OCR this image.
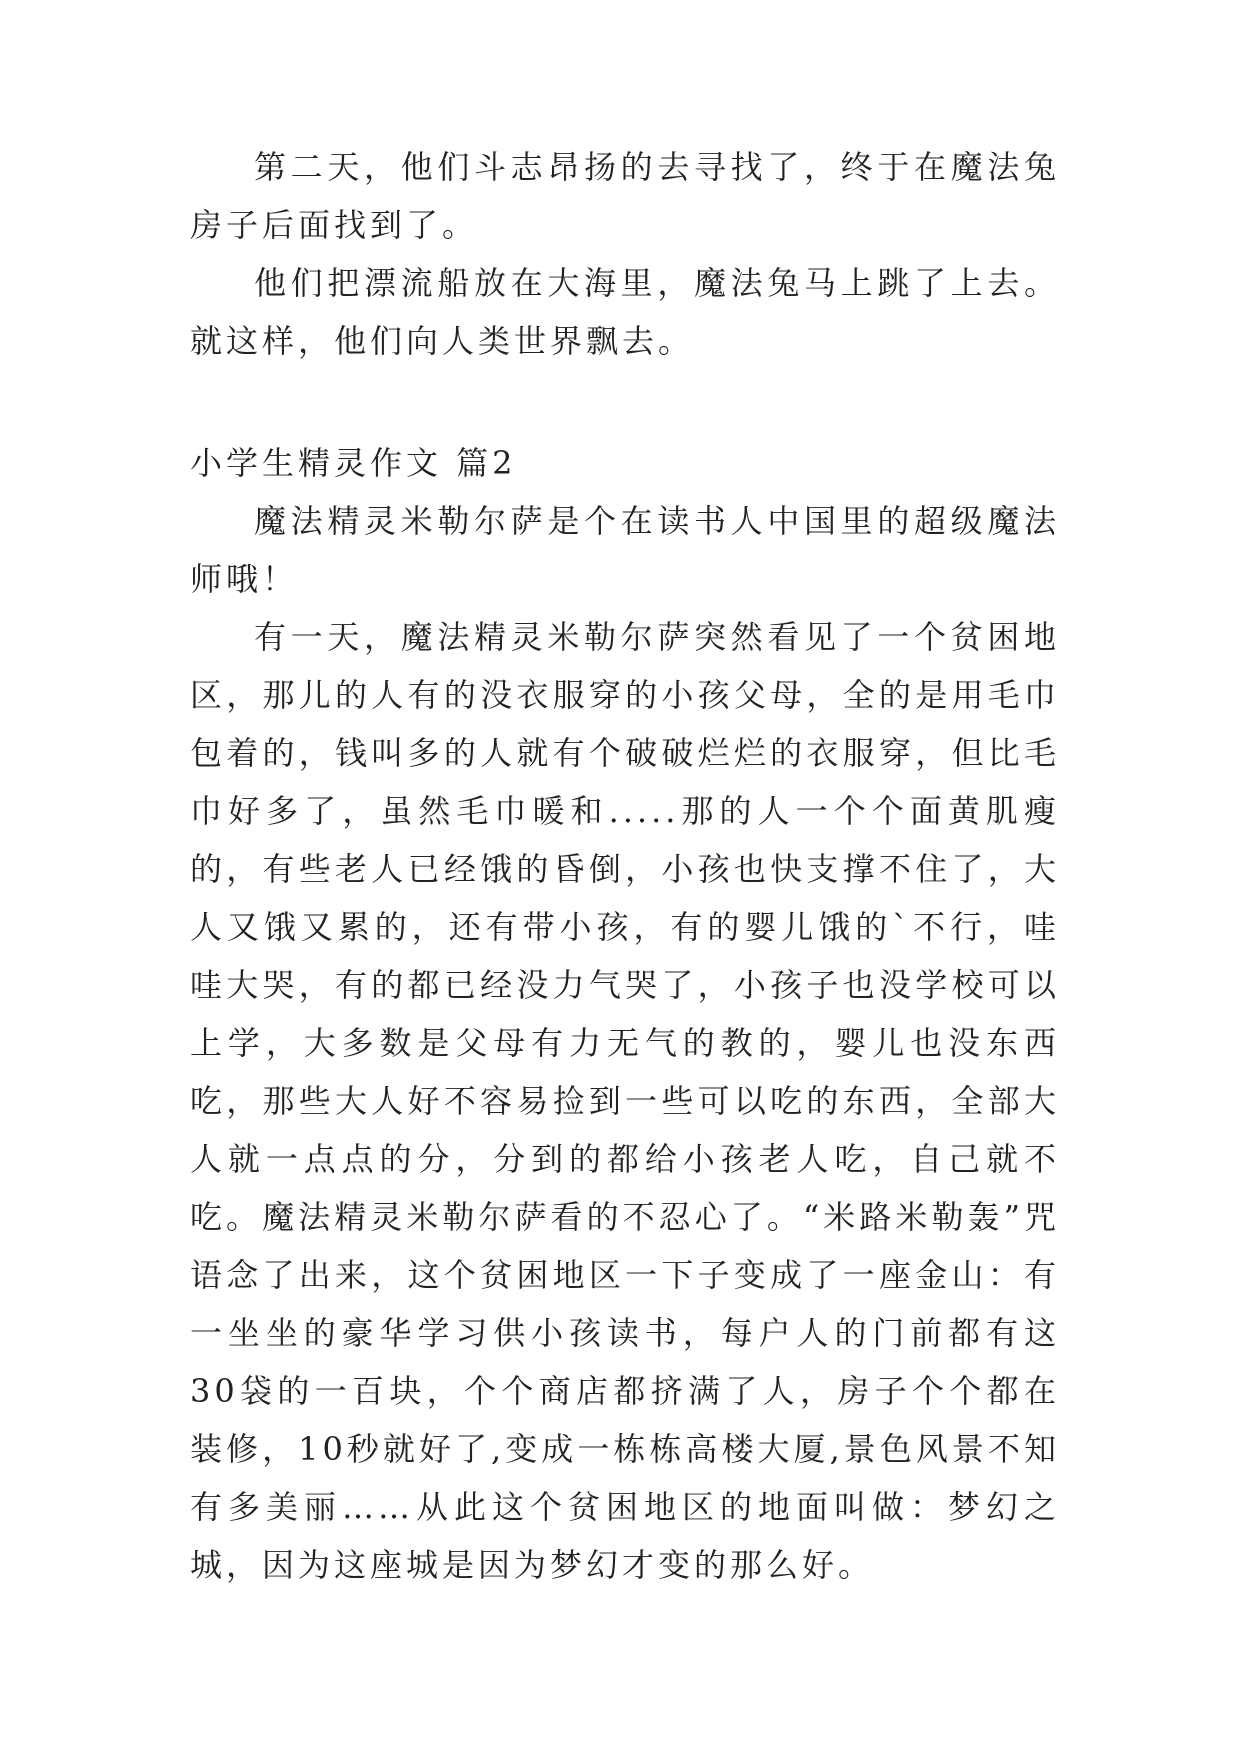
第二天，他们斗志昂扬的去寻找了，终于在魔法兔房子后面找到了。

他们把漂流船放在大海里，魔法兔马上跳了上去。就这样，他们向人类世界飘去。

小学生精灵作文 篇2

魔法精灵米勒尔萨是个在读书人中国里的超级魔法师哦！

有一天，魔法精灵米勒尔萨突然看见了一个贫困地区，那儿的人有的没衣服穿的小孩父母，全的是用毛巾包着的，钱叫多的人就有个破破烂烂的衣服穿，但比毛巾好多了，虽然毛巾暖和.....那的人一个个面黄肌瘦的，有些老人已经饿的昏倒，小孩也快支撑不住了，大人又饿又累的，还有带小孩，有的婴儿饿的`不行，哇哇大哭，有的都已经没力气哭了，小孩子也没学校可以上学，大多数是父母有力无气的教的，婴儿也没东西吃，那些大人好不容易捡到一些可以吃的东西，全部大人就一点点的分，分到的都给小孩老人吃，自己就不吃。魔法精灵米勒尔萨看的不忍心了。“米路米勒轰”咒语念了出来，这个贫困地区一下子变成了一座金山：有一坐坐的豪华学习供小孩读书，每户人的门前都有这30袋的一百块，个个商店都挤满了人，房子个个都在装修，10秒就好了,变成一栋栋高楼大厦,景色风景不知有多美丽……从此这个贫困地区的地面叫做：梦幻之城，因为这座城是因为梦幻才变的那么好。
